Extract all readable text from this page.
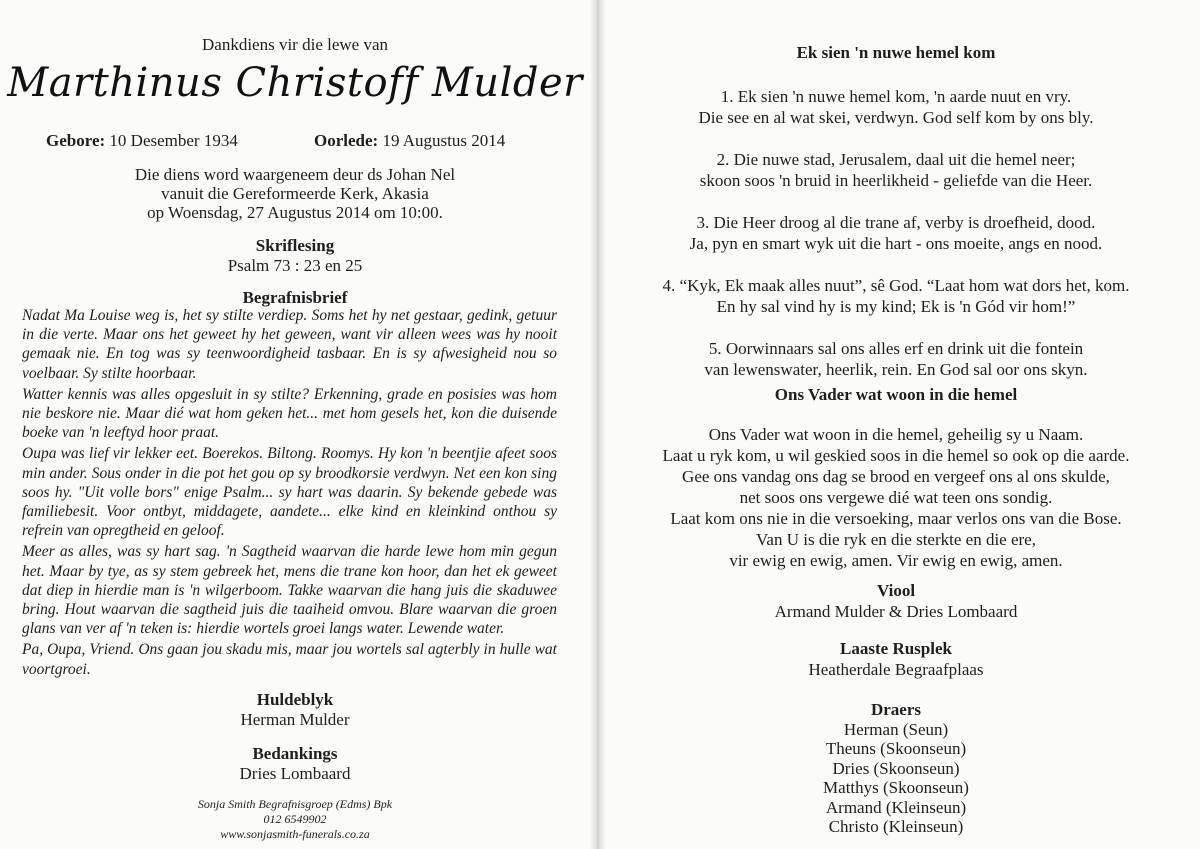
Dankdiens vir die lewe van
Marthinus Christoff Mulder
Gebore: 10 Desember 1934	Oorlede: 19 Augustus 2014
Die diens word waargeneem deur ds Johan Nel
vanuit die Gereformeerde Kerk, Akasia
op Woensdag, 27 Augustus 2014 om 10:00.
Skriflesing
Psalm 73 : 23 en 25
Begrafnisbrief

Nadat Ma Louise weg is, het sy stilte verdiep. Soms het hy net gestaar, gedink, getuur in die verte. Maar ons het geweet hy het geween, want vir alleen wees was hy nooit gemaak nie. En tog was sy teenwoordigheid tasbaar. En is sy afwesigheid nou so voelbaar. Sy stilte hoorbaar.

Watter kennis was alles opgesluit in sy stilte? Erkenning, grade en posisies was hom nie beskore nie. Maar dié wat hom geken het... met hom gesels het, kon die duisende boeke van 'n leeftyd hoor praat.

Oupa was lief vir lekker eet. Boerekos. Biltong. Roomys. Hy kon 'n beentjie afeet soos min ander. Sous onder in die pot het gou op sy broodkorsie verdwyn. Net een kon sing soos hy. "Uit volle bors" enige Psalm... sy hart was daarin. Sy bekende gebede was familiebesit. Voor ontbyt, middagete, aandete... elke kind en kleinkind onthou sy refrein van opregtheid en geloof.

Meer as alles, was sy hart sag. 'n Sagtheid waarvan die harde lewe hom min gegun het. Maar by tye, as sy stem gebreek het, mens die trane kon hoor, dan het ek geweet dat diep in hierdie man is 'n wilgerboom. Takke waarvan die hang juis die skaduwee bring. Hout waarvan die sagtheid juis die taaiheid omvou. Blare waarvan die groen glans van ver af 'n teken is: hierdie wortels groei langs water. Lewende water.

Pa, Oupa, Vriend. Ons gaan jou skadu mis, maar jou wortels sal agterbly in hulle wat voortgroei.

Huldeblyk
Herman Mulder
Bedankings
Dries Lombaard
Sonja Smith Begrafnisgroep (Edms) Bpk
012 6549902
www.sonjasmith-funerals.co.za
Ek sien 'n nuwe hemel kom
1. Ek sien 'n nuwe hemel kom, 'n aarde nuut en vry.
Die see en al wat skei, verdwyn. God self kom by ons bly.
2. Die nuwe stad, Jerusalem, daal uit die hemel neer;
skoon soos 'n bruid in heerlikheid - geliefde van die Heer.
3. Die Heer droog al die trane af, verby is droefheid, dood.
Ja, pyn en smart wyk uit die hart - ons moeite, angs en nood.
4. “Kyk, Ek maak alles nuut”, sê God. “Laat hom wat dors het, kom.
En hy sal vind hy is my kind; Ek is 'n Gód vir hom!”
5. Oorwinnaars sal ons alles erf en drink uit die fontein
van lewenswater, heerlik, rein. En God sal oor ons skyn.
Ons Vader wat woon in die hemel
Ons Vader wat woon in die hemel, geheilig sy u Naam.
Laat u ryk kom, u wil geskied soos in die hemel so ook op die aarde.
Gee ons vandag ons dag se brood en vergeef ons al ons skulde,
net soos ons vergewe dié wat teen ons sondig.
Laat kom ons nie in die versoeking, maar verlos ons van die Bose.
Van U is die ryk en die sterkte en die ere,
vir ewig en ewig, amen. Vir ewig en ewig, amen.
Viool
Armand Mulder & Dries Lombaard
Laaste Rusplek
Heatherdale Begraafplaas
Draers
Herman (Seun)
Theuns (Skoonseun)
Dries (Skoonseun)
Matthys (Skoonseun)
Armand (Kleinseun)
Christo (Kleinseun)
